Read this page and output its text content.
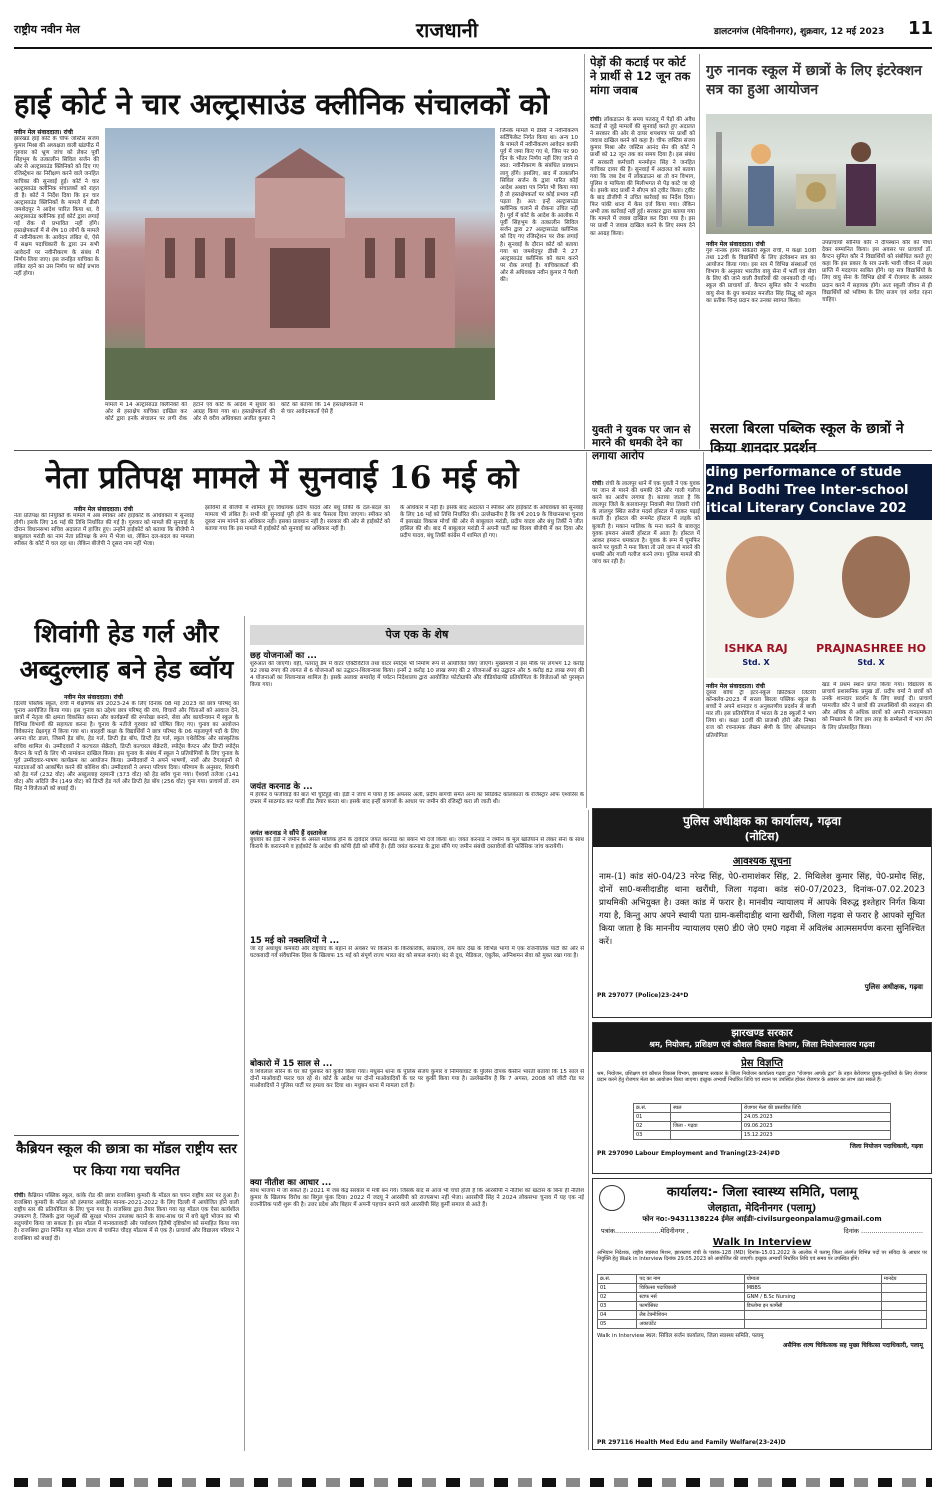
राष्ट्रीय नवीन मेल	राजधानी	डालटनगंज (मेदिनीनगर), शुक्रवार, 12 मई 2023 11
हाई कोर्ट ने चार अल्ट्रासाउंड क्लीनिक संचालकों को
नवीन मेल संवाददाता। रांची
झारखंड हाई कोर्ट के चीफ जस्टिस संजय कुमार मिश्रा की अध्यक्षता वाली खंडपीठ में गुरुवार को भ्रूण जांच को लेकर पूर्वी सिंहभूम के तत्कालीन सिविल सर्जन की ओर से अल्ट्रासाउंड क्लिनिको को दिए गए रजिस्ट्रेशन का निरीक्षण करने वाले जनहित याचिका की सुनवाई हुई। कोर्ट ने चार अल्ट्रासाउंड क्लीनिक संचालकों को राहत दी है। कोर्ट ने निर्देश दिया कि इन चार अल्ट्रासाउंड क्लिनिकों के मामले में डीसी जमशेदपुर ने आदेश पारित किया था, वे अल्ट्रासाउंड क्लीनिक हाई कोर्ट द्वारा लगाई गई रोक से प्रभावित नहीं होंगे। हस्तक्षेपकर्ता में से शेष 10 लोगों के मामले में नवीनीकरण के आवेदन लंबित थे, ऐसे में सक्षम पदाधिकारी के द्वारा उन सभी आवेदनों पर नवीनीकरण के संबंध में निर्णय लिया जाए। इस जनहित याचिका के लंबित रहने का उस निर्णय पर कोई प्रभाव नहीं होगा।
मामले में 14 अल्ट्रासाउंड क्लिनिकों की ओर से हस्तक्षेप याचिका दाखिल कर कोर्ट द्वारा इनके संचालन पर लगी रोक हटाने एवं कोर्ट के आदेश में सुधार का आग्रह किया गया था। हस्तक्षेपकर्ता की ओर से वरीय अधिवक्ता अजीत कुमार ने कोर्ट को बताया कि 14 हस्तक्षेपकर्ता में से चार आवेदनकर्ता ऐसे हैं
जिनके मामले में डीसी ने नवीनीकरण सर्टिफिकेट निर्गत किया था। अन्य 10 के मामले में नवीनीकरण आवेदन काफी पूर्व में जमा किए गए थे, जिस पर 90 दिन के भीतर निर्णय नहीं लिए जाने से स्वत: नवीनीकरण के संबंधित प्रावधान लागू होंगे। इसलिए, बाद में तत्कालीन सिविल सर्जन के द्वारा पारित कोई आदेश अथवा पत्र निर्गत भी किया गया है तो हस्तक्षेपकर्ता पर कोई प्रभाव नहीं पड़ता है। अत: इन्हें अल्ट्रासाउंड क्लीनिक चलाने से रोकना उचित नहीं है। पूर्व में कोर्ट के आदेश के आलोक में पूर्वी सिंहभूम के तत्कालीन सिविल सर्जन द्वारा 27 अल्ट्रासाउंड क्लीनिक को दिए गए रजिस्ट्रेशन पर रोक लगाई है। सुनवाई के दौरान कोर्ट को बताया गया था जमशेदपुर डीसी ने 27 अल्ट्रासाउंड क्लीनिक को काम करने पर रोक लगाई है। याचिकाकर्ता की ओर से अधिवक्ता नवीन कुमार ने पैरवी की।
पेड़ों की कटाई पर कोर्ट ने प्रार्थी से 12 जून तक मांगा जवाब
रांची। लॉकडाउन के समय पतरातू में पेड़ों की अवैध कटाई से जुड़े मामलों की सुनवाई करते हुए अदालत ने सरकार की ओर से दायर शपथपत्र पर प्रार्थी को जवाब दाखिल करने को कहा है। चीफ जस्टिस संजय कुमार मिश्रा और जस्टिस आनंद सेन की कोर्ट ने प्रार्थी को 12 जून तक का समय दिया है। इस संबंध में सरकारी कर्मचारी मनमोहन सिंह ने जनहित याचिका दायर की है। सुनवाई में अदालत को बताया गया कि जब देश में लॉकडाउन था तो वन विभाग, पुलिस व माफिया की मिलीभगत से पेड़ काटे जा रहे थे। इसके बाद प्रार्थी ने सीएम को ट्वीट किया। ट्वीट के बाद डीजीपी ने उचित कार्रवाई का निर्देश दिया। फिर पांकी थाना में केस दर्ज किया गया। लेकिन अभी तक कार्रवाई नहीं हुई। सरकार द्वारा बताया गया कि मामले में जवाब दाखिल कर दिया गया है। इस पर प्रार्थी ने जवाब दाखिल करने के लिए समय देने का आग्रह किया।
गुरु नानक स्कूल में छात्रों के लिए इंटरेक्शन सत्र का हुआ आयोजन
नवीन मेल संवाददाता। रांची
गुरु नानक हायर सेकेंडरी स्कूल रांची, में कक्षा 10वीं तथा 12वीं के विद्यार्थियों के लिए इंटरेक्शन सत्र का आयोजन किया गया। इस सत्र में विभिन्न संस्थाओं एवं विभाग के अनुसार भारतीय वायु सेना में भर्ती एवं सेवा के लिए की जाने वाली तैयारियों की जानकारी दी गई। स्कूल की प्राचार्या डॉ. कैप्टन सुमित कौर ने भारतीय वायु सेना के ग्रुप कमांडर मनजीत सिंह सिद्धू को स्कूल का प्रतीक चिन्ह प्रदान कर उनका स्वागत किया।
उपप्राचार्या सोनिया कौर ने दीपस्थान कौर को पौधा देकर सम्मानित किया। इस अवसर पर प्राचार्या डॉ. कैप्टन सुमित कौर ने विद्यार्थियों को संबोधित करते हुए कहा कि इस प्रकार के सत्र उनके भावी जीवन में लक्ष्य प्राप्ति में मददगार साबित होंगे। यह सत्र विद्यार्थियों के लिए वायु सेना के विभिन्न क्षेत्रों में रोजगार के अवसर प्रदान करने में सहायक होगे। अतः स्कूली जीवन से ही विद्यार्थियों को भविष्य के लिए सजग एवं सचेत रहना चाहिए।
नेता प्रतिपक्ष मामले में सुनवाई 16 मई को
नवीन मेल संवाददाता। रांची
नेता प्रतिपक्ष की नियुक्ति के मामले में अब स्पीकर और हाईकोर्ट के अधिवक्ता में सुनवाई होगी। इसके लिए 16 मई की तिथि निर्धारित की गई है। गुरुवार को मामले की सुनवाई के दौरान विधानसभा सचिव अदालत में हाजिर हुए। उन्होंने हाईकोर्ट को बताया कि बीजेपी ने बाबूलाल मरांडी का नाम नेता प्रतिपक्ष के रूप में भेजा था, लेकिन दल-बदल का मामला स्पीकर के कोर्ट में चल रहा था। लेकिन बीजेपी ने दूसरा नाम नहीं भेजा।
झाविमो से बीजेपी में शामिल हुए विधायक प्रदीप यादव और बंधु तिर्की के दल-बदल का मामला भी लंबित है। सभी की सुनवाई पूरी होने के बाद फैसला दिया जाएगा। स्पीकर को दूसरा नाम मांगने का अधिकार नहीं। इसका प्रावधान नहीं है। सरकार की ओर से हाईकोर्ट को बताया गया कि इस मामले में हाईकोर्ट को सुनवाई का अधिकार नहीं है।
के अधिकार में नहीं है। इसके बाद अदालत ने स्पीकर और हाईकोर्ट के अधिवक्ता को सुनवाई के लिए 16 मई को तिथि निर्धारित की। उल्लेखनीय है कि वर्ष 2019 के विधानसभा चुनाव में झारखंड विकास मोर्चा की ओर से बाबूलाल मरांडी, प्रदीप यादव और बंधु तिर्की ने जीत हासिल की थी। बाद में बाबूलाल मरांडी ने अपनी पार्टी का विलय बीजेपी में कर दिया और प्रदीप यादव, बंधु तिर्की कांग्रेस में शामिल हो गए।
युवती ने युवक पर जान से मारने की धमकी देने का लगाया आरोप
रांची। रांची के लालपुर थाने में एक युवती ने एक युवक पर जान से मारने की धमकी देने और गाली गलौज करने का आरोप लगाया है। बताया जाता है कि लालपुर जिले के कारवानपुर निवासी मेघा तिवारी रांची के लालपुर स्थित सरोज मदर्स हॉस्टल में रहकर पढ़ाई करती है। हॉस्टल की रूममेट हॉस्टल में लड़के को बुलाती है। मकान मालिक के मना करने के बावजूद युवक इमरान अंसारी हॉस्टल में आता है। हॉस्टल में आकर इमरान धमकाता है। युवक के रूम में घूमफिर करने पर युवती ने मना किया तो उसे जान से मारने की धमकी और गाली गलौज करने लगा। पुलिस मामले की जांच कर रही है।
सरला बिरला पब्लिक स्कूल के छात्रों ने किया शानदार प्रदर्शन
ding performance of stude
2nd Bodhi Tree Inter-school
itical Literary Conclave 202
ISHKA RAJ
Std. X
PRAJNASHREE HO
Std. X
नवीन मेल संवाददाता। रांची
दूसरा बोधि ट्री इंटर-स्कूल क्रिटिकल लिटरेरी कॉन्क्लेव-2023 में सरला बिरला पब्लिक स्कूल के बच्चों ने अपने शानदार व अनुकरणीय प्रदर्शन से बाजी मार ली। इस प्रतियोगिता में भारत के 28 स्कूलों ने भाग लिया था। कक्षा 10वीं की प्राजश्री होरो और निष्का राज को रचनात्मक लेखन श्रेणी के लिए ऑफलाइन प्रतियोगिता
खंड में प्रथम स्थान प्राप्त किया गया। विद्यालय के प्राचार्य प्रशासनिक प्रमुख डॉ. प्रदीप वर्मा ने छात्रों को उनके शानदार प्रदर्शन के लिए बधाई दी। प्राचार्य परमजीत कौर ने छात्रों की उपलब्धियों की सराहना की और अधिक से अधिक छात्रों को अपनी रचनात्मकता को निखारने के लिए इस तरह के सम्मेलनों में भाग लेने के लिए प्रोत्साहित किया।
शिवांगी हेड गर्ल और अब्दुल्लाह बने हेड ब्वॉय
नवीन मेल संवाददाता। रांची
दिल्ली पब्लिक स्कूल, रांची में शैक्षणिक सत्र 2023-24 के लिए दिनांक 08 मई 2023 को छात्र परिषद् का चुनाव आयोजित किया गया। इस चुनाव का उद्देश्य छात्र परिषद् की राय, विचारों और चिंताओं को आवाज देने, छात्रों में नेतृत्व की क्षमता विकसित करना और कार्यक्रमों की रूपरेखा बनाने, सेवा और कार्यान्वयन में स्कूल के विभिन्न विभागों की सहायता करना है। चुनाव के नतीजे गुरुवार को घोषित किए गए। चुनाव का आयोजन विवेकानंद प्रेक्षागृह में किया गया था। बारहवीं कक्षा के विद्यार्थियों ने छात्र परिषद के 06 महत्वपूर्ण पदों के लिए अपना वोट डाला, जिसमें हेड बॉय, हेड गर्ल, डिप्टी हेड बॉय, डिप्टी हेड गर्ल, स्कूल एथेलेटिक और सांस्कृतिक सचिव शामिल थे। उम्मीदवारों ने कल्चरल सेक्रेटरी, डिप्टी कल्चरल सेक्रेटरी, स्पोर्ट्स कैप्टन और डिप्टी स्पोर्ट्स कैप्टन के पदों के लिए भी नामांकन दाखिल किया। इस चुनाव के संबंध में स्कूल ने प्रतियोगियों के लिए चुनाव के पूर्व उम्मीदवार-भाषण कार्यक्रम का आयोजन किया। उम्मीदवारों ने अपने भाषणों, नारों और टैगलाइनों से मतदाताओं को आकर्षित करने की कोशिश की। उम्मीदवारों ने अपना परिचय दिया। परिणाम के अनुसार, शिवांगी को हेड गर्ल (232 वोट) और अब्दुल्लाह रहमानी (373 वोट) को हेड ब्वॉय चुना गया। ऐश्वर्या तलेजा (141 वोट) और अदिति जैन (149 वोट) को डिप्टी हेड गर्ल और डिप्टी हेड बॉय (256 वोट) चुना गया। प्राचार्य डॉ. राम सिंह ने विजेताओं को बधाई दी।
कैब्रियन स्कूल की छात्रा का मॉडल राष्ट्रीय स्तर पर किया गया चयनित
रांची। कैब्रियन पब्लिक स्कूल, कांके रोड की छात्रा राजश्रिया कुमारी के मॉडल का चयन राष्ट्रीय स्तर पर हुआ है। राजश्रिया कुमारी के मॉडल को इंस्पायर अवॉर्ड्स मानक-2021-2022 के लिए दिल्ली में आयोजित होने वाली राष्ट्रीय स्तर की प्रतियोगिता के लिए चुना गया है। राजश्रिया द्वारा तैयार किया गया यह मॉडल एक ऐसा कार्यशील उपकरण है, जिसके द्वारा पशुओं की सुरक्षा भोजन उपलब्ध कराने के साथ-साथ घर में बचे खुचे भोजन का भी सदुपयोग किया जा सकता है। इस मॉडल में मानवतावादी और पर्यावरण हितैषी दृष्टिकोण को समाहित किया गया है। राजश्रिया द्वारा निर्मित यह मॉडल राज्य से चयनित चौदह मॉडल्स में से एक है। प्राचार्या और विद्यालय परिवार ने राजश्रिया को बधाई दी।
पेज एक के शेष
छह योजनाओं का ...
शुरुआत की जाएगी। वहीं, पतरातू डैम में वाटर एक्टिविटीज तथा वाटर स्पोर्ट्स भी निर्माण रूप से आयोजित किए जाएंगे। मुख्यमंत्री ने इस मौके पर लगभग 12 करोड़ 92 लाख रुपए की लागत से 6 योजनाओं का उद्घाटन-शिलान्यास किया। इनमें 2 करोड़ 10 लाख रुपए की 2 योजनाओं का उद्घाटन और 5 करोड़ 82 लाख रुपए की 4 योजनाओं का शिलान्यास शामिल है। इसके अलावा समारोह में पर्यटन निदेशालय द्वारा आयोजित फोटोग्राफी और वीडियोग्राफी प्रतियोगिता के विजेताओं को पुरस्कृत किया गया।
जयंत करनाड के ...
में हेरफेर व फर्जीवाड़े की बात भी चुटिहुई थी। ईडी ने जांच में पाया है कि अफसर अली, प्रदीप बागची समेत अन्य का सिंडिकेट कोलकाता के रजिस्ट्रार ऑफ एश्योरेंस के दफ्तर में साठगांठ कर फर्जी डीड तैयार करता था। इसके बाद इन्हीं कागजों के आधार पर जमीन की रजिस्ट्री करा ली जाती थी।
जयंत करनाड ने सौंपे हैं दस्तावेज
बुधवार को ईडी ने जमीन के असल मालिक होने के दावेदार जयंत करनाड का बयान भी दर्ज किया था। जयंत करनाड ने जमीन के मूल खतियान से लेकर सेना के साथ किराये के करारनामे व हाईकोर्ट के आदेश की कॉपी ईडी को सौंपी है। ईडी जयंत करनाड के द्वारा सौंपे गए जमीन संबंधी दस्तावेजों की फॉरेंसिक जांच करायेगी।
15 मई को नक्सलियों ने ...
जा रहे अंधाधुंध कमबंदी और राष्ट्रवाद के बहाने से अवसर पर किसान के किरकारोके, साम्राज्य, राम कोर देख के विभिन्न भागों में एक राजनीतिक पार्टी की ओर से घटकवादी गर्व संवैधानिक हिंसा के खिलाफ 15 मई को संपूर्ण राज्य भारत बंद को सफल बनाएं। बंद से दूध, मेडिकल, एंबुलेंस, अग्निशमन सेवा को मुक्त रखा गया है।
बोकारो में 15 साल से ...
व शिवलाल सोरेन के घर को घुसकर को कुर्की किया गया। मधुबन थाना के पुलिस संजय कुमार व निमियाघाट के पुलिस दीपक कैसीन भारती बताया कि 15 साल से दोनों माओवादी फरार चल रहे थे। कोर्ट के आदेश पर दोनों माओवादियों के घर पर कुर्की किया गया है। उल्लेखनीय है कि 7 अगस्त, 2008 को जीटी रोड पर माओवादियों ने पुलिस पार्टी पर हमला कर दिया था। मधुबन थाना में मामला दर्ज है।
क्या नीतीश का आधार ...
साथ भाजपा में जा सकते हैं। 2021 में जब केंद्र सरकार में मंत्री बन गये। जिसके बाद से आज भी चर्चा होती है कि आरसीपी ने नीतीश को खटास के बिना ही नीतीश कुमार के खिलाफ विरोध का बिगुल फूंक दिया। 2022 में जदयू ने आरसीपी को राज्यसभा नहीं भेजा। आरसीपी सिंह ने 2024 लोकसभा चुनाव में यह एक नई राजनीतिक पारी शुरू की है। उत्तर प्रदेश और बिहार में अपनी पहचान बनाने वाले आरसीपी सिंह कुर्मी समाज से आते हैं।
पुलिस अधीक्षक का कार्यालय, गढ़वा
(नोटिस)
आवश्यक सूचना
नाम-(1) कांड सं0-04/23 नरेन्द्र सिंह, पे0-रामाशंकर सिंह, 2. मिथिलेश कुमार सिंह, पे0-प्रमोद सिंह, दोनों सा0-कसीदाडीह थाना खरौंधी, जिला गढ़वा। कांड सं0-07/2023, दिनांक-07.02.2023 प्राथमिकी अभियुक्त है। उक्त कांड में फरार है। मानवीय न्यायालय में आपके विरुद्ध इश्तेहार निर्गत किया गया है, किन्तु आप अपने स्थायी पता ग्राम-कसीदाडीह थाना खरौंधी, जिला गढ़वा से फरार है आपको सूचित किया जाता है कि माननीय न्यायालय एस0 डी0 जे0 एम0 गढ़वा में अविलंब आत्मसमर्पण करना सुनिश्चित करें।
पुलिस अधीक्षक, गढ़वा
PR 297077 (Police)23-24*D
झारखण्ड सरकार
श्रम, नियोजन, प्रशिक्षण एवं कौशल विकास विभाग, जिला नियोजनालय गढ़वा
प्रेस विज्ञप्ति
श्रम, नियोजन, प्रशिक्षण एवं कौशल विकास विभाग, झारखण्ड सरकार के जिला नियोजन कार्यालय गढ़वा द्वारा "रोजगार आपके द्वार" के तहत बेरोजगार युवक-युवतियों के लिए रोजगार प्रदान करने हेतु रोजगार मेला का आयोजन किया जाएगा। इच्छुक अभ्यर्थी निर्धारित तिथि एवं स्थान पर उपस्थित होकर रोजगार के अवसर का लाभ उठा सकते हैं।
क्र.सं.	स्थल	रोजगार मेला की प्रस्तावित तिथि
01		24.05.2023
02	जिला - गढ़वा	09.06.2023
03		15.12.2023
जिला नियोजन पदाधिकारी, गढ़वा
PR 297090 Labour Employment and Traning(23-24)#D
कार्यालय:- जिला स्वास्थ्य समिति, पलामू
जेलहाता, मेदिनीनगर (पलामू)
फोन नo:-9431138224 ईमेल आईडीः-civilsurgeonpalamu@gmail.com
पत्रांक......................मेदिनीनगर ,	दिनांक ..............................
Walk In Interview
अभियान निदेशक, राष्ट्रीय स्वास्थ्य मिशन, झारखण्ड रांची के पत्रांक-128 (MD) दिनांक-15.01.2022 के आलोक में पलामू जिला अंतर्गत विभिन्न पदों पर संविदा के आधार पर नियुक्ति हेतु Walk in Interview दिनांक 29.05.2023 को आयोजित की जाएगी। इच्छुक अभ्यर्थी निर्धारित तिथि एवं समय पर उपस्थित होंगे।
क्र.सं.	पद का नाम	योग्यता	मानदेय
01	चिकित्सा पदाधिकारी	MBBS	
02	स्टाफ नर्स	GNM / B.Sc Nursing	
03	फार्मासिस्ट	डिप्लोमा इन फार्मेसी	
04	लैब टेक्नीशियन		
05	अकाउंटेंट		
Walk in Interview स्थल: सिविल सर्जन कार्यालय, जिला स्वास्थ्य समिति, पलामू
असैनिक शल्य चिकित्सक सह मुख्य चिकित्सा पदाधिकारी, पलामू
PR 297116 Health Med Edu and Family Welfare(23-24)D
